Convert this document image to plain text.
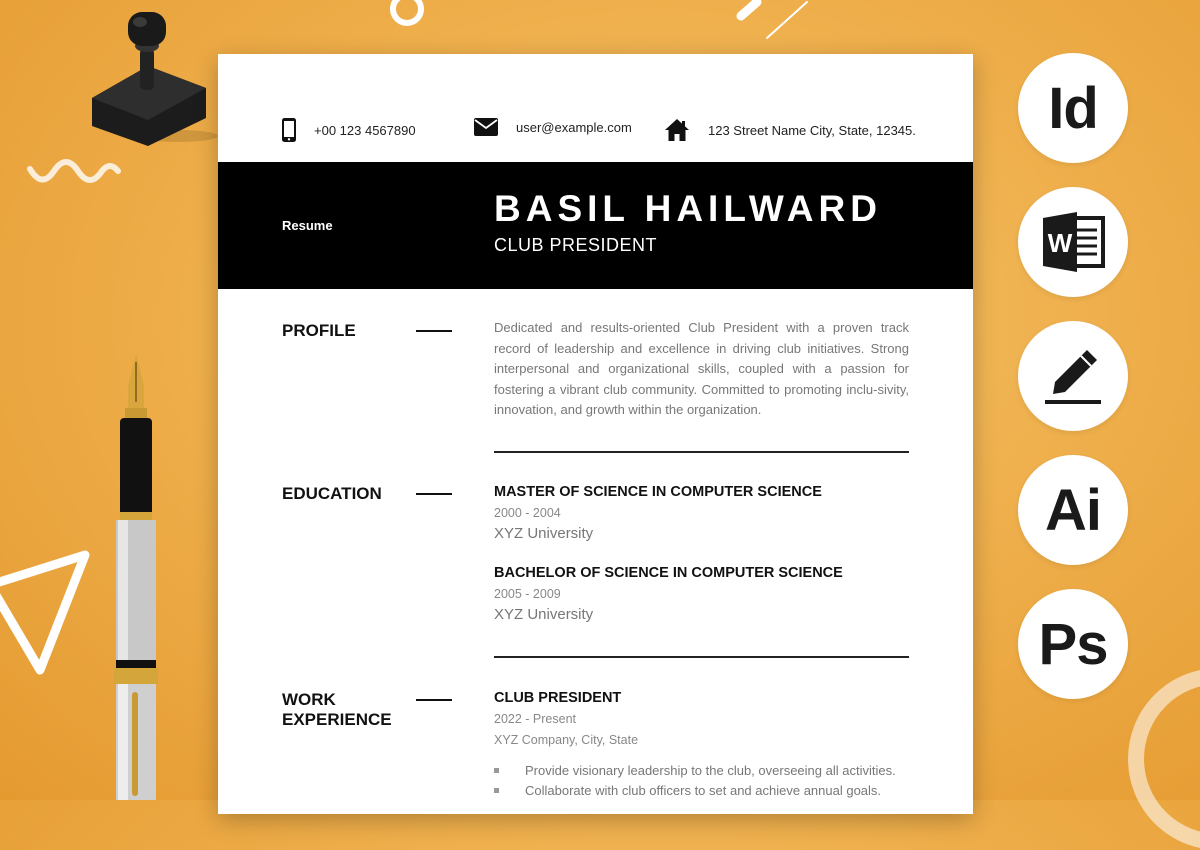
+00 123 4567890	user@example.com	123 Street Name City, State, 12345.
Resume	BASIL HAILWARD
CLUB PRESIDENT
PROFILE	Dedicated and results-oriented Club President with a proven track record of leadership and excellence in driving club initiatives. Strong interpersonal and organizational skills, coupled with a passion for fostering a vibrant club community. Committed to promoting inclu-sivity, innovation, and growth within the organization.
EDUCATION	MASTER OF SCIENCE IN COMPUTER SCIENCE
2000 - 2004
XYZ University
BACHELOR OF SCIENCE IN COMPUTER SCIENCE
2005 - 2009
XYZ University
WORK
EXPERIENCE
CLUB PRESIDENT
2022 - Present
XYZ Company, City, State
Provide visionary leadership to the club, overseeing all activities.
Collaborate with club officers to set and achieve annual goals.
Id
W
Ai
Ps
